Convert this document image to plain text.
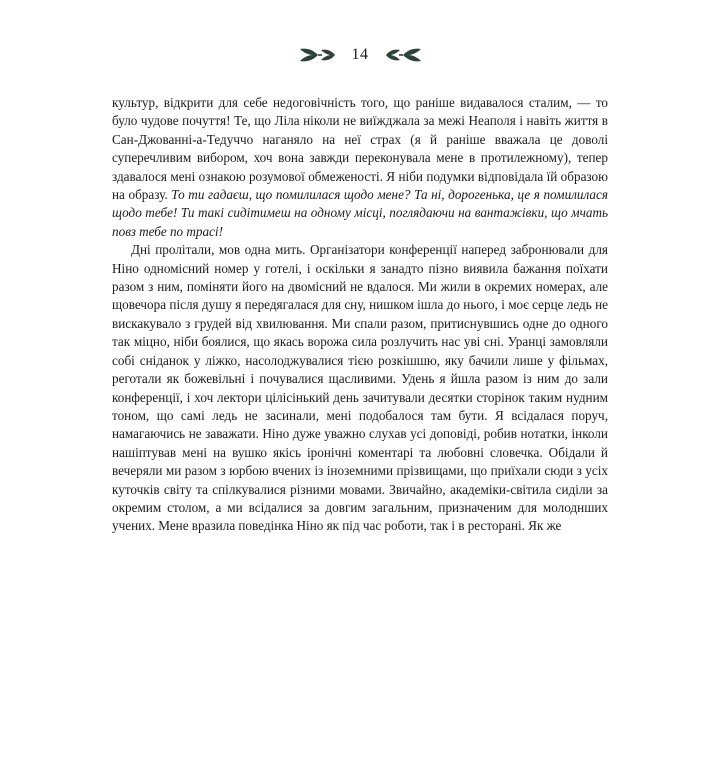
14

культур, відкрити для себе недоговічність того, що раніше видавалося сталим, — то було чудове почуття! Те, що Ліла ніколи не виїжджала за межі Неаполя і навіть життя в Сан-Джованні-а-Тедуччо наганяло на неї страх (я й раніше вважала це доволі суперечливим вибором, хоч вона завжди переконувала мене в протилежному), тепер здавалося мені ознакою розумової обмеженості. Я ніби подумки відповідала їй образою на образу. То ти гадаєш, що помилилася щодо мене? Та ні, дорогенька, це я помилилася щодо тебе! Ти такі сидітимеш на одному місці, поглядаючи на вантажівки, що мчать повз тебе по трасі!

Дні пролітали, мов одна мить. Організатори конференції наперед забронювали для Ніно одномісний номер у готелі, і оскільки я занадто пізно виявила бажання поїхати разом з ним, поміняти його на двомісний не вдалося. Ми жили в окремих номерах, але щовечора після душу я передягалася для сну, нишком ішла до нього, і моє серце ледь не вискакувало з грудей від хвилювання. Ми спали разом, притиснувшись одне до одного так міцно, ніби боялися, що якась ворожа сила розлучить нас уві сні. Уранці замовляли собі сніданок у ліжко, насолоджувалися тією розкішшю, яку бачили лише у фільмах, реготали як божевільні і почувалися щасливими. Удень я йшла разом із ним до зали конференції, і хоч лектори цілісінький день зачитували десятки сторінок таким нудним тоном, що самі ледь не засинали, мені подобалося там бути. Я всідалася поруч, намагаючись не заважати. Ніно дуже уважно слухав усі доповіді, робив нотатки, інколи нашіптував мені на вушко якісь іронічні коментарі та любовні словечка. Обідали й вечеряли ми разом з юрбою вчених із іноземними прізвищами, що приїхали сюди з усіх куточків світу та спілкувалися різними мовами. Звичайно, академіки-світила сиділи за окремим столом, а ми всідалися за довгим загальним, призначеним для молоднших учених. Мене вразила поведінка Ніно як під час роботи, так і в ресторані. Як же
